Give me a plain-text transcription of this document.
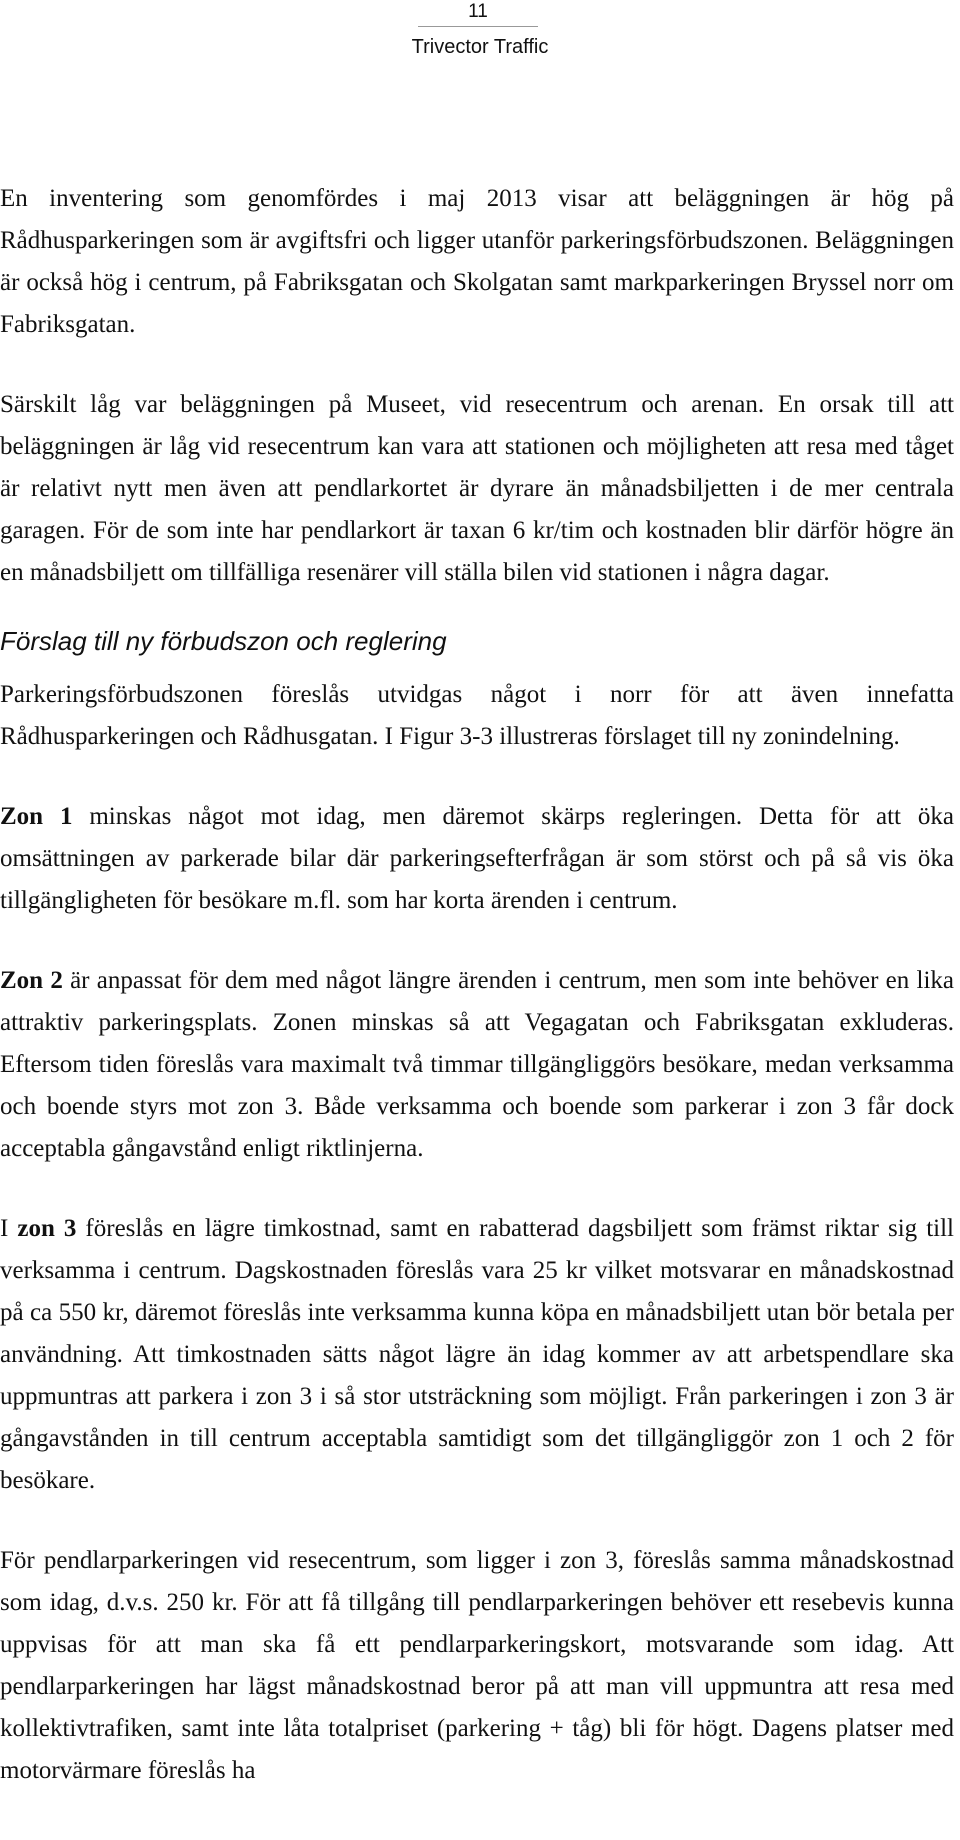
11
Trivector Traffic

En inventering som genomfördes i maj 2013 visar att beläggningen är hög på Rådhusparkeringen som är avgiftsfri och ligger utanför parkeringsförbudszonen. Beläggningen är också hög i centrum, på Fabriksgatan och Skolgatan samt markparkeringen Bryssel norr om Fabriksgatan.

Särskilt låg var beläggningen på Museet, vid resecentrum och arenan. En orsak till att beläggningen är låg vid resecentrum kan vara att stationen och möjligheten att resa med tåget är relativt nytt men även att pendlarkortet är dyrare än månadsbiljetten i de mer centrala garagen. För de som inte har pendlarkort är taxan 6 kr/tim och kostnaden blir därför högre än en månadsbiljett om tillfälliga resenärer vill ställa bilen vid stationen i några dagar.

Förslag till ny förbudszon och reglering

Parkeringsförbudszonen föreslås utvidgas något i norr för att även innefatta Rådhusparkeringen och Rådhusgatan. I Figur 3-3 illustreras förslaget till ny zonindelning.

Zon 1 minskas något mot idag, men däremot skärps regleringen. Detta för att öka omsättningen av parkerade bilar där parkeringsefterfrågan är som störst och på så vis öka tillgängligheten för besökare m.fl. som har korta ärenden i centrum.

Zon 2 är anpassat för dem med något längre ärenden i centrum, men som inte behöver en lika attraktiv parkeringsplats. Zonen minskas så att Vegagatan och Fabriksgatan exkluderas. Eftersom tiden föreslås vara maximalt två timmar tillgängliggörs besökare, medan verksamma och boende styrs mot zon 3. Både verksamma och boende som parkerar i zon 3 får dock acceptabla gångavstånd enligt riktlinjerna.

I zon 3 föreslås en lägre timkostnad, samt en rabatterad dagsbiljett som främst riktar sig till verksamma i centrum. Dagskostnaden föreslås vara 25 kr vilket motsvarar en månadskostnad på ca 550 kr, däremot föreslås inte verksamma kunna köpa en månadsbiljett utan bör betala per användning. Att timkostnaden sätts något lägre än idag kommer av att arbetspendlare ska uppmuntras att parkera i zon 3 i så stor utsträckning som möjligt. Från parkeringen i zon 3 är gångavstånden in till centrum acceptabla samtidigt som det tillgängliggör zon 1 och 2 för besökare.

För pendlarparkeringen vid resecentrum, som ligger i zon 3, föreslås samma månadskostnad som idag, d.v.s. 250 kr. För att få tillgång till pendlarparkeringen behöver ett resebevis kunna uppvisas för att man ska få ett pendlarparkeringskort, motsvarande som idag. Att pendlarparkeringen har lägst månadskostnad beror på att man vill uppmuntra att resa med kollektivtrafiken, samt inte låta totalpriset (parkering + tåg) bli för högt. Dagens platser med motorvärmare föreslås ha
